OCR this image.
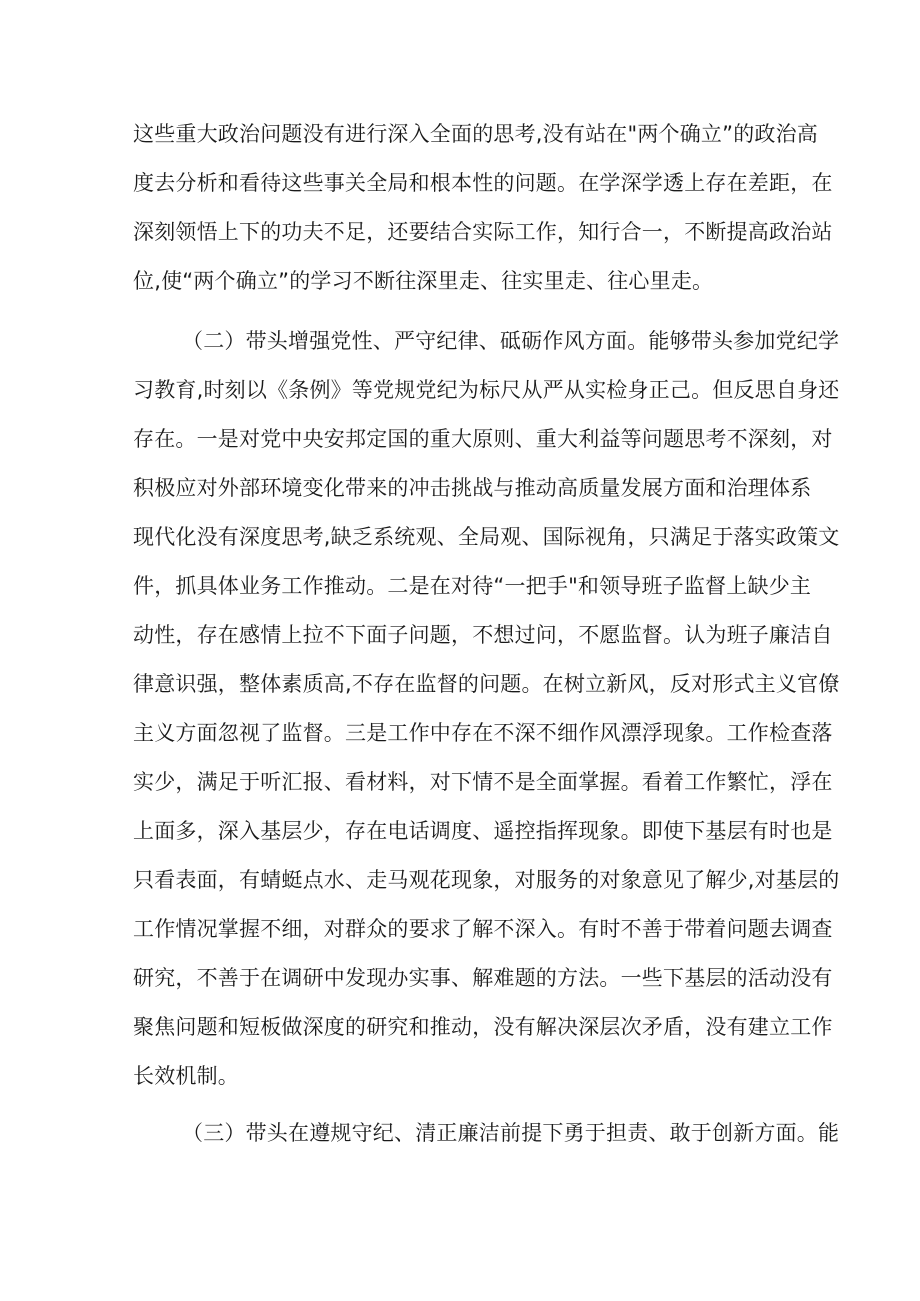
这些重大政治问题没有进行深入全面的思考,没有站在"两个确立”的政治高
度去分析和看待这些事关全局和根本性的问题。在学深学透上存在差距，在
深刻领悟上下的功夫不足，还要结合实际工作，知行合一，不断提高政治站
位,使“两个确立”的学习不断往深里走、往实里走、往心里走。
（二）带头增强党性、严守纪律、砥砺作风方面。能够带头参加党纪学
习教育,时刻以《条例》等党规党纪为标尺从严从实检身正己。但反思自身还
存在。一是对党中央安邦定国的重大原则、重大利益等问题思考不深刻，对
积极应对外部环境变化带来的冲击挑战与推动高质量发展方面和治理体系
现代化没有深度思考,缺乏系统观、全局观、国际视角，只满足于落实政策文
件，抓具体业务工作推动。二是在对待“一把手"和领导班子监督上缺少主
动性，存在感情上拉不下面子问题，不想过问，不愿监督。认为班子廉洁自
律意识强，整体素质高,不存在监督的问题。在树立新风，反对形式主义官僚
主义方面忽视了监督。三是工作中存在不深不细作风漂浮现象。工作检查落
实少，满足于听汇报、看材料，对下情不是全面掌握。看着工作繁忙，浮在
上面多，深入基层少，存在电话调度、遥控指挥现象。即使下基层有时也是
只看表面，有蜻蜓点水、走马观花现象，对服务的对象意见了解少,对基层的
工作情况掌握不细，对群众的要求了解不深入。有时不善于带着问题去调查
研究，不善于在调研中发现办实事、解难题的方法。一些下基层的活动没有
聚焦问题和短板做深度的研究和推动，没有解决深层次矛盾，没有建立工作
长效机制。
（三）带头在遵规守纪、清正廉洁前提下勇于担责、敢于创新方面。能
